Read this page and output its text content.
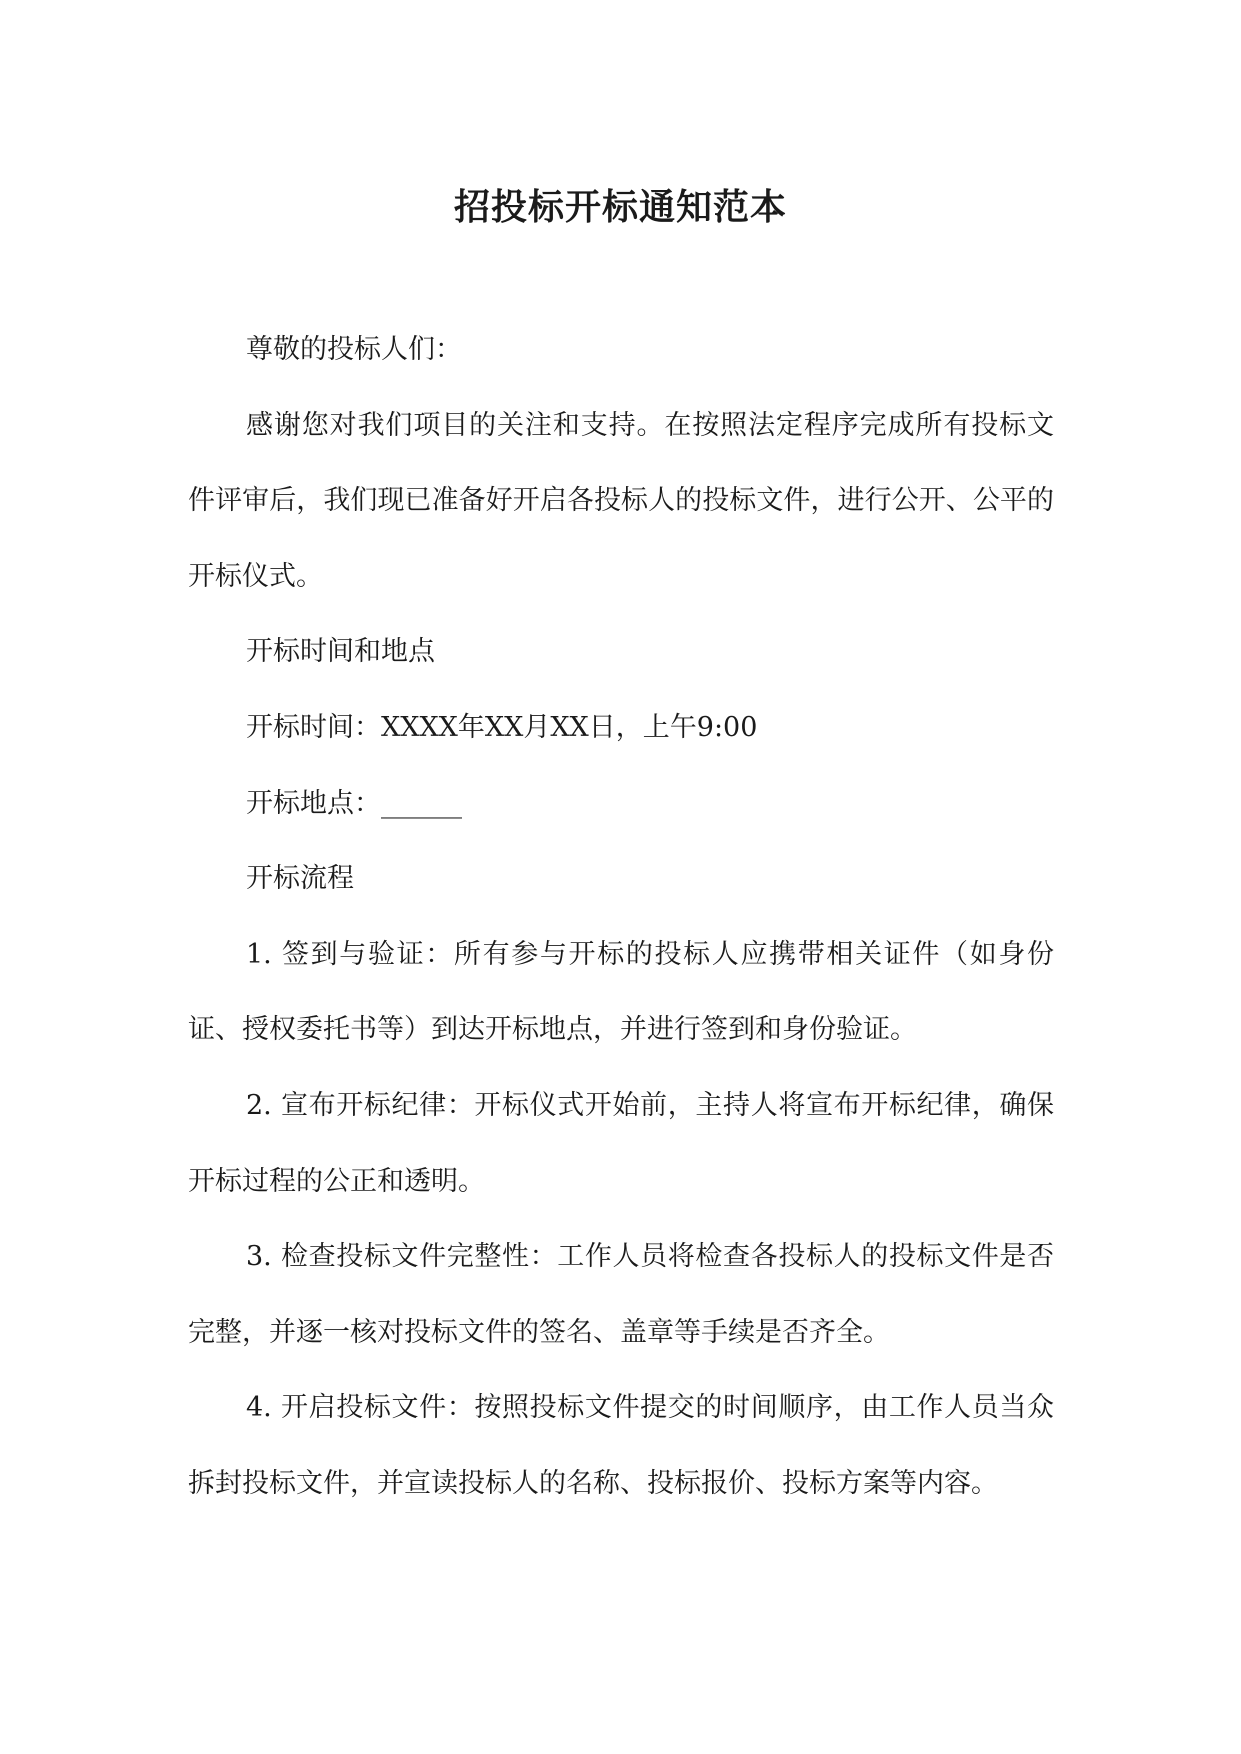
招投标开标通知范本

尊敬的投标人们：

感谢您对我们项目的关注和支持。在按照法定程序完成所有投标文件评审后，我们现已准备好开启各投标人的投标文件，进行公开、公平的开标仪式。

开标时间和地点

开标时间：XXXX年XX月XX日，上午9:00

开标地点：______

开标流程

1. 签到与验证：所有参与开标的投标人应携带相关证件（如身份证、授权委托书等）到达开标地点，并进行签到和身份验证。

2. 宣布开标纪律：开标仪式开始前，主持人将宣布开标纪律，确保开标过程的公正和透明。

3. 检查投标文件完整性：工作人员将检查各投标人的投标文件是否完整，并逐一核对投标文件的签名、盖章等手续是否齐全。

4. 开启投标文件：按照投标文件提交的时间顺序，由工作人员当众拆封投标文件，并宣读投标人的名称、投标报价、投标方案等内容。
